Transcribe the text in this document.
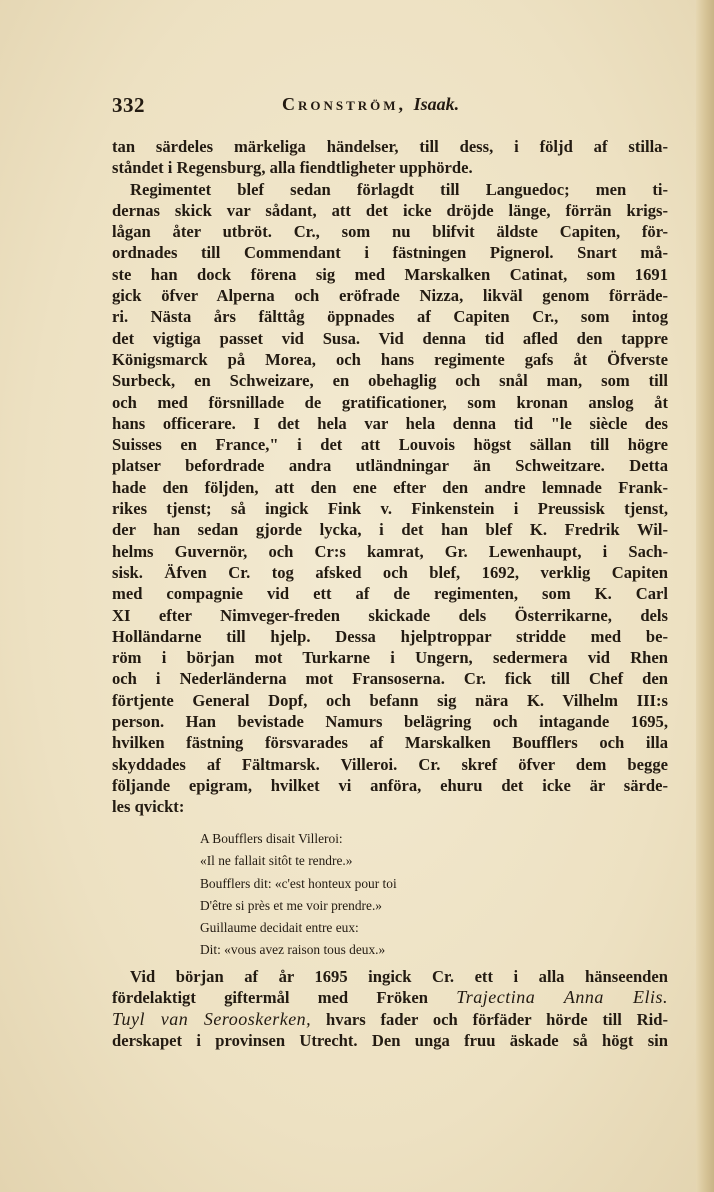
332	Cronström, Isaak.
tan särdeles märkeliga händelser, till dess, i följd af stilla-
ståndet i Regensburg, alla fiendtligheter upphörde.
Regimentet blef sedan förlagdt till Languedoc; men ti-
dernas skick var sådant, att det icke dröjde länge, förrän krigs-
lågan åter utbröt. Cr., som nu blifvit äldste Capiten, för-
ordnades till Commendant i fästningen Pignerol. Snart må-
ste han dock förena sig med Marskalken Catinat, som 1691
gick öfver Alperna och eröfrade Nizza, likväl genom förräde-
ri. Nästa års fälttåg öppnades af Capiten Cr., som intog
det vigtiga passet vid Susa. Vid denna tid afled den tappre
Königsmarck på Morea, och hans regimente gafs åt Öfverste
Surbeck, en Schweizare, en obehaglig och snål man, som till
och med försnillade de gratificationer, som kronan anslog åt
hans officerare. I det hela var hela denna tid "le siècle des
Suisses en France," i det att Louvois högst sällan till högre
platser befordrade andra utländningar än Schweitzare. Detta
hade den följden, att den ene efter den andre lemnade Frank-
rikes tjenst; så ingick Fink v. Finkenstein i Preussisk tjenst,
der han sedan gjorde lycka, i det han blef K. Fredrik Wil-
helms Guvernör, och Cr:s kamrat, Gr. Lewenhaupt, i Sach-
sisk. Äfven Cr. tog afsked och blef, 1692, verklig Capiten
med compagnie vid ett af de regimenten, som K. Carl
XI efter Nimveger-freden skickade dels Österrikarne, dels
Holländarne till hjelp. Dessa hjelptroppar stridde med be-
röm i början mot Turkarne i Ungern, sedermera vid Rhen
och i Nederländerna mot Fransoserna. Cr. fick till Chef den
förtjente General Dopf, och befann sig nära K. Vilhelm III:s
person. Han bevistade Namurs belägring och intagande 1695,
hvilken fästning försvarades af Marskalken Boufflers och illa
skyddades af Fältmarsk. Villeroi. Cr. skref öfver dem begge
följande epigram, hvilket vi anföra, ehuru det icke är särde-
les qvickt:
A Boufflers disait Villeroi:
«Il ne fallait sitôt te rendre.»
Boufflers dit: «c'est honteux pour toi
D'être si près et me voir prendre.»
Guillaume decidait entre eux:
Dit: «vous avez raison tous deux.»
Vid början af år 1695 ingick Cr. ett i alla hänseenden
fördelaktigt giftermål med Fröken Trajectina Anna Elis.
Tuyl van Serooskerken, hvars fader och förfäder hörde till Rid-
derskapet i provinsen Utrecht. Den unga fruu äskade så högt sin
